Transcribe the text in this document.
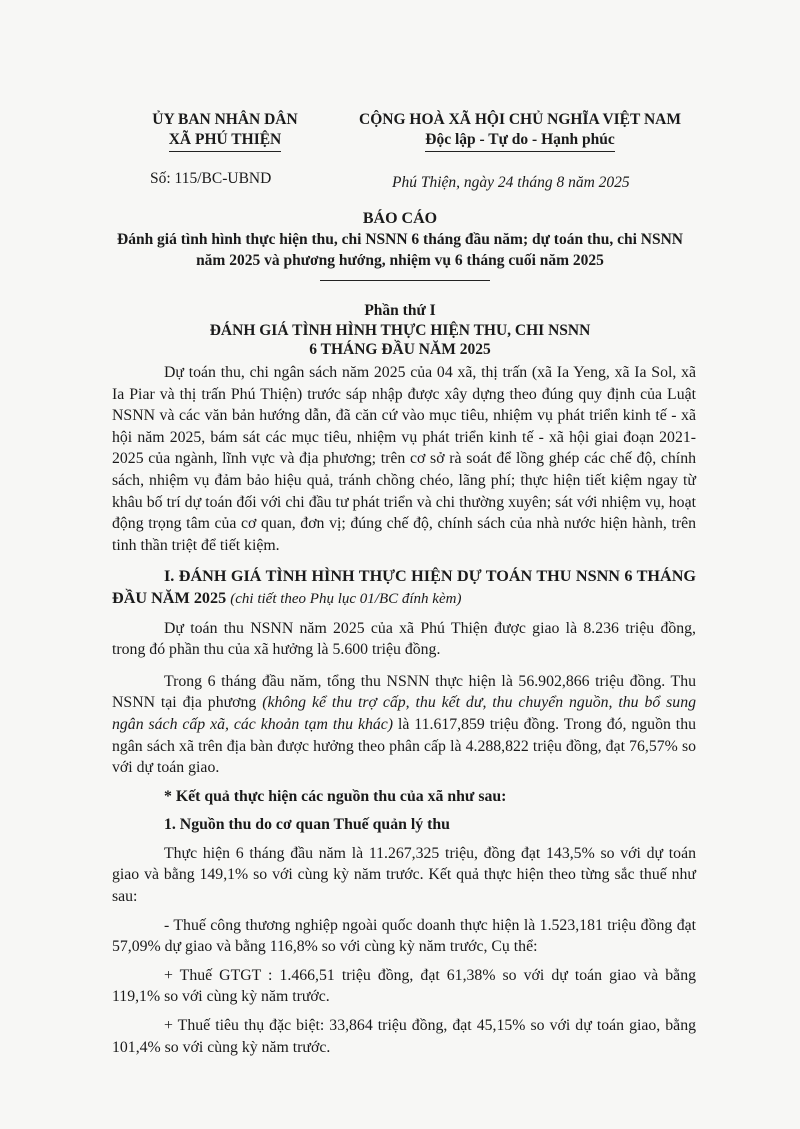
ỦY BAN NHÂN DÂN
XÃ PHÚ THIỆN
CỘNG HOÀ XÃ HỘI CHỦ NGHĨA VIỆT NAM
Độc lập - Tự do - Hạnh phúc
Số: 115/BC-UBND	Phú Thiện, ngày 24 tháng 8 năm 2025
BÁO CÁO
Đánh giá tình hình thực hiện thu, chi NSNN 6 tháng đầu năm; dự toán thu, chi NSNN năm 2025 và phương hướng, nhiệm vụ 6 tháng cuối năm 2025
Phần thứ I
ĐÁNH GIÁ TÌNH HÌNH THỰC HIỆN THU, CHI NSNN
6 THÁNG ĐẦU NĂM 2025

Dự toán thu, chi ngân sách năm 2025 của 04 xã, thị trấn (xã Ia Yeng, xã Ia Sol, xã Ia Piar và thị trấn Phú Thiện) trước sáp nhập được xây dựng theo đúng quy định của Luật NSNN và các văn bản hướng dẫn, đã căn cứ vào mục tiêu, nhiệm vụ phát triển kinh tế - xã hội năm 2025, bám sát các mục tiêu, nhiệm vụ phát triển kinh tế - xã hội giai đoạn 2021-2025 của ngành, lĩnh vực và địa phương; trên cơ sở rà soát để lồng ghép các chế độ, chính sách, nhiệm vụ đảm bảo hiệu quả, tránh chồng chéo, lãng phí; thực hiện tiết kiệm ngay từ khâu bố trí dự toán đối với chi đầu tư phát triển và chi thường xuyên; sát với nhiệm vụ, hoạt động trọng tâm của cơ quan, đơn vị; đúng chế độ, chính sách của nhà nước hiện hành, trên tinh thần triệt để tiết kiệm.

I. ĐÁNH GIÁ TÌNH HÌNH THỰC HIỆN DỰ TOÁN THU NSNN 6 THÁNG ĐẦU NĂM 2025 (chi tiết theo Phụ lục 01/BC đính kèm)

Dự toán thu NSNN năm 2025 của xã Phú Thiện được giao là 8.236 triệu đồng, trong đó phần thu của xã hưởng là 5.600 triệu đồng.

Trong 6 tháng đầu năm, tổng thu NSNN thực hiện là 56.902,866 triệu đồng. Thu NSNN tại địa phương (không kể thu trợ cấp, thu kết dư, thu chuyển nguồn, thu bổ sung ngân sách cấp xã, các khoản tạm thu khác) là 11.617,859 triệu đồng. Trong đó, nguồn thu ngân sách xã trên địa bàn được hưởng theo phân cấp là 4.288,822 triệu đồng, đạt 76,57% so với dự toán giao.

* Kết quả thực hiện các nguồn thu của xã như sau:

1. Nguồn thu do cơ quan Thuế quản lý thu

Thực hiện 6 tháng đầu năm là 11.267,325 triệu, đồng đạt 143,5% so với dự toán giao và bằng 149,1% so với cùng kỳ năm trước. Kết quả thực hiện theo từng sắc thuế như sau:

- Thuế công thương nghiệp ngoài quốc doanh thực hiện là 1.523,181 triệu đồng đạt 57,09% dự giao và bằng 116,8% so với cùng kỳ năm trước, Cụ thể:

+ Thuế GTGT : 1.466,51 triệu đồng, đạt 61,38% so với dự toán giao và bằng 119,1% so với cùng kỳ năm trước.

+ Thuế tiêu thụ đặc biệt: 33,864 triệu đồng, đạt 45,15% so với dự toán giao, bằng 101,4% so với cùng kỳ năm trước.
